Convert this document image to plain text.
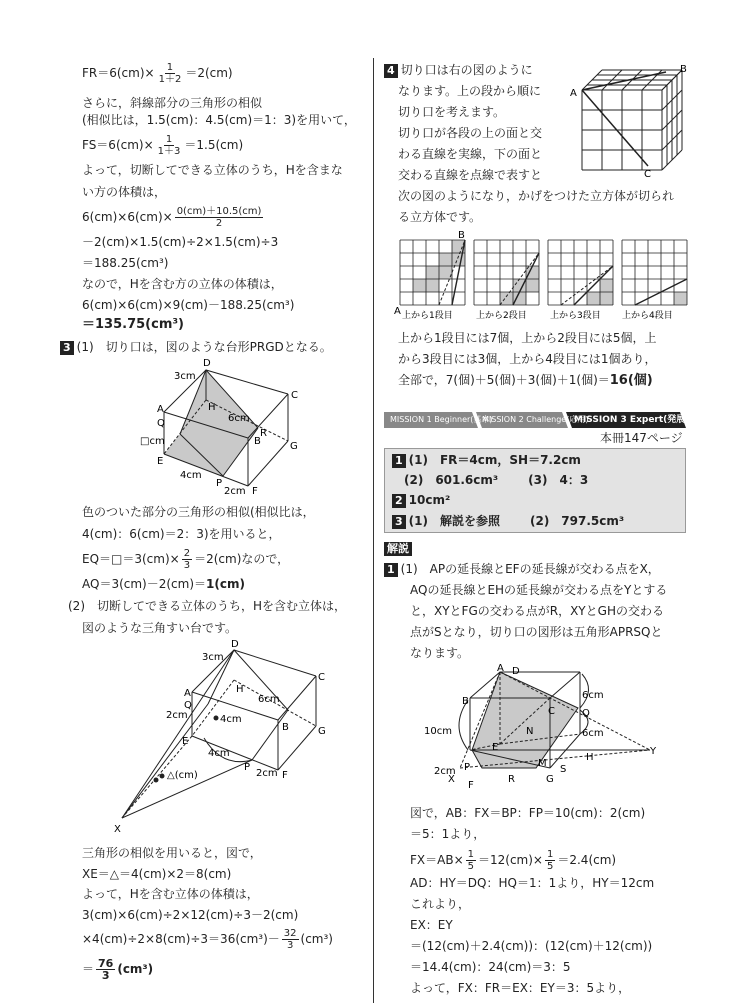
$FR=6(cm)\times \frac{1}{1+2} =2(cm)$
さらに，斜線部分の三角形の相似
(相似比は，1.5(cm)：4.5(cm)＝1：3)を用いて，
$FS=6(cm)\times \frac{1}{1+3} =1.5(cm)$
よって，切断してできる立体のうち，Hを含まな
い方の体積は，
$6(cm)\times 6(cm)\times \frac{0(cm)+10.5(cm)}{2}$
－2(cm)×1.5(cm)÷2×1.5(cm)÷3
＝188.25(cm³)
なので，Hを含む方の立体の体積は，
6(cm)×6(cm)×9(cm)－188.25(cm³)
＝135.75(cm³)
3 (1)　切り口は，図のような台形PRGDとなる。
D
A
Q
E
H
C
B	G
P
F
R
3cm
6cm
□cm
4cm
2cm
色のついた部分の三角形の相似(相似比は，
4(cm)：6(cm)＝2：3)を用いると，
EQ＝□＝3(cm)× $\frac{2}{3} =2(cm)$なので，
AQ＝3(cm)－2(cm)＝1(cm)
(2)　切断してできる立体のうち，Hを含む立体は，
図のような三角すい台です。
D
A
Q
E
H
C
B	G
P
F
X
3cm
6cm
2cm	4cm
4cm
2cm
△(cm)
三角形の相似を用いると，図で，
XE＝△＝4(cm)×2＝8(cm)
よって，Hを含む立体の体積は，
3(cm)×6(cm)÷2×12(cm)÷3－2(cm)
$\times 4(cm)\div 2\times 8(cm)\div 3=36(cm^3)- \frac{32}{3} (cm^3)$
＝ $\frac{76}{3} (cm^3)$
4 切り口は右の図のように
なります。上の段から順に
切り口を考えます。
切り口が各段の上の面と交
わる直線を実線，下の面と
交わる直線を点線で表すと
次の図のようになり，かげをつけた立方体が切られ
る立方体です。
A
B
C
B
A 上から1段目	上から2段目	上から3段目 上から4段目
上から1段目には7個，上から2段目には5個，上
から3段目には3個，上から4段目には1個あり，
全部で，7(個)＋5(個)＋3(個)＋1(個)＝16(個)
MISSION 1 Beginner(基本)
MISSION 2 Challenge(応用)
MISSION 3 Expert(発展)
本冊147ページ
1 (1)　FR＝4cm，SH＝7.2cm
(2)　601.6cm³	(3)　4：3
2 10cm²
3 (1)　解説を参照	(2)　797.5cm³
解説
1 (1)　APの延長線とEFの延長線が交わる点をX，
AQの延長線とEHの延長線が交わる点をYとする
と，XYとFGの交わる点がR，XYとGHの交わる
点がSとなり，切り口の図形は五角形APRSQと
なります。
A
B
C	Q
E
N
M
H
Y
P
X
F
R	G
S
D
6cm
6cm
10cm
2cm
図で，AB：FX＝BP：FP＝10(cm)：2(cm)
＝5：1より，
$FX=AB\times \frac{1}{5} =12(cm)\times \frac{1}{5} =2.4(cm)$
AD：HY＝DQ：HQ＝1：1より，HY＝12cm
これより，
EX：EY
＝(12(cm)＋2.4(cm))：(12(cm)＋12(cm))
＝14.4(cm)：24(cm)＝3：5
よって，FX：FR＝EX：EY＝3：5より，
